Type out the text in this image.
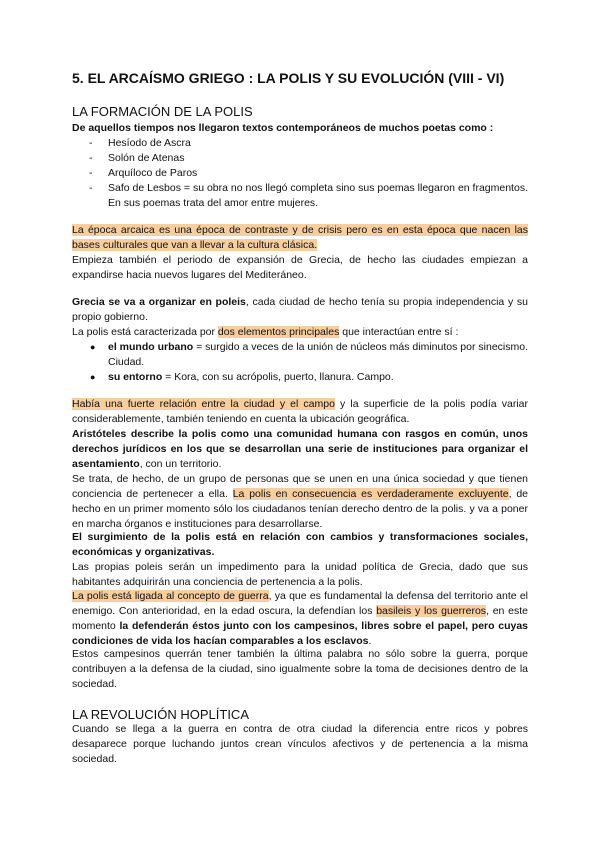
5. EL ARCAÍSMO GRIEGO : LA POLIS Y SU EVOLUCIÓN (VIII - VI)
LA FORMACIÓN DE LA POLIS
De aquellos tiempos nos llegaron textos contemporáneos de muchos poetas como :
- Hesíodo de Ascra
- Solón de Atenas
- Arquíloco de Paros
- Safo de Lesbos = su obra no nos llegó completa sino sus poemas llegaron en fragmentos. En sus poemas trata del amor entre mujeres.
La época arcaica es una época de contraste y de crisis pero es en esta época que nacen las bases culturales que van a llevar a la cultura clásica.
Empieza también el periodo de expansión de Grecia, de hecho las ciudades empiezan a expandirse hacia nuevos lugares del Mediteráneo.
Grecia se va a organizar en poleis, cada ciudad de hecho tenía su propia independencia y su propio gobierno.
La polis está caracterizada por dos elementos principales que interactúan entre sí :
● el mundo urbano = surgido a veces de la unión de núcleos más diminutos por sinecismo. Ciudad.
● su entorno = Kora, con su acrópolis, puerto, llanura. Campo.
Había una fuerte relación entre la ciudad y el campo y la superficie de la polis podía variar considerablemente, también teniendo en cuenta la ubicación geográfica.
Aristóteles describe la polis como una comunidad humana con rasgos en común, unos derechos jurídicos en los que se desarrollan una serie de instituciones para organizar el asentamiento, con un territorio.
Se trata, de hecho, de un grupo de personas que se unen en una única sociedad y que tienen conciencia de pertenecer a ella. La polis en consecuencia es verdaderamente excluyente, de hecho en un primer momento sólo los ciudadanos tenían derecho dentro de la polis. y va a poner en marcha órganos e instituciones para desarrollarse.
El surgimiento de la polis está en relación con cambios y transformaciones sociales, económicas y organizativas.
Las propias poleis serán un impedimento para la unidad política de Grecia, dado que sus habitantes adquirirán una conciencia de pertenencia a la polis.
La polis está ligada al concepto de guerra, ya que es fundamental la defensa del territorio ante el enemigo. Con anterioridad, en la edad oscura, la defendían los basileis y los guerreros, en este momento la defenderán éstos junto con los campesinos, libres sobre el papel, pero cuyas condiciones de vida los hacían comparables a los esclavos.
Estos campesinos querrán tener también la última palabra no sólo sobre la guerra, porque contribuyen a la defensa de la ciudad, sino igualmente sobre la toma de decisiones dentro de la sociedad.
LA REVOLUCIÓN HOPLÍTICA
Cuando se llega a la guerra en contra de otra ciudad la diferencia entre ricos y pobres desaparece porque luchando juntos crean vínculos afectivos y de pertenencia a la misma sociedad.
